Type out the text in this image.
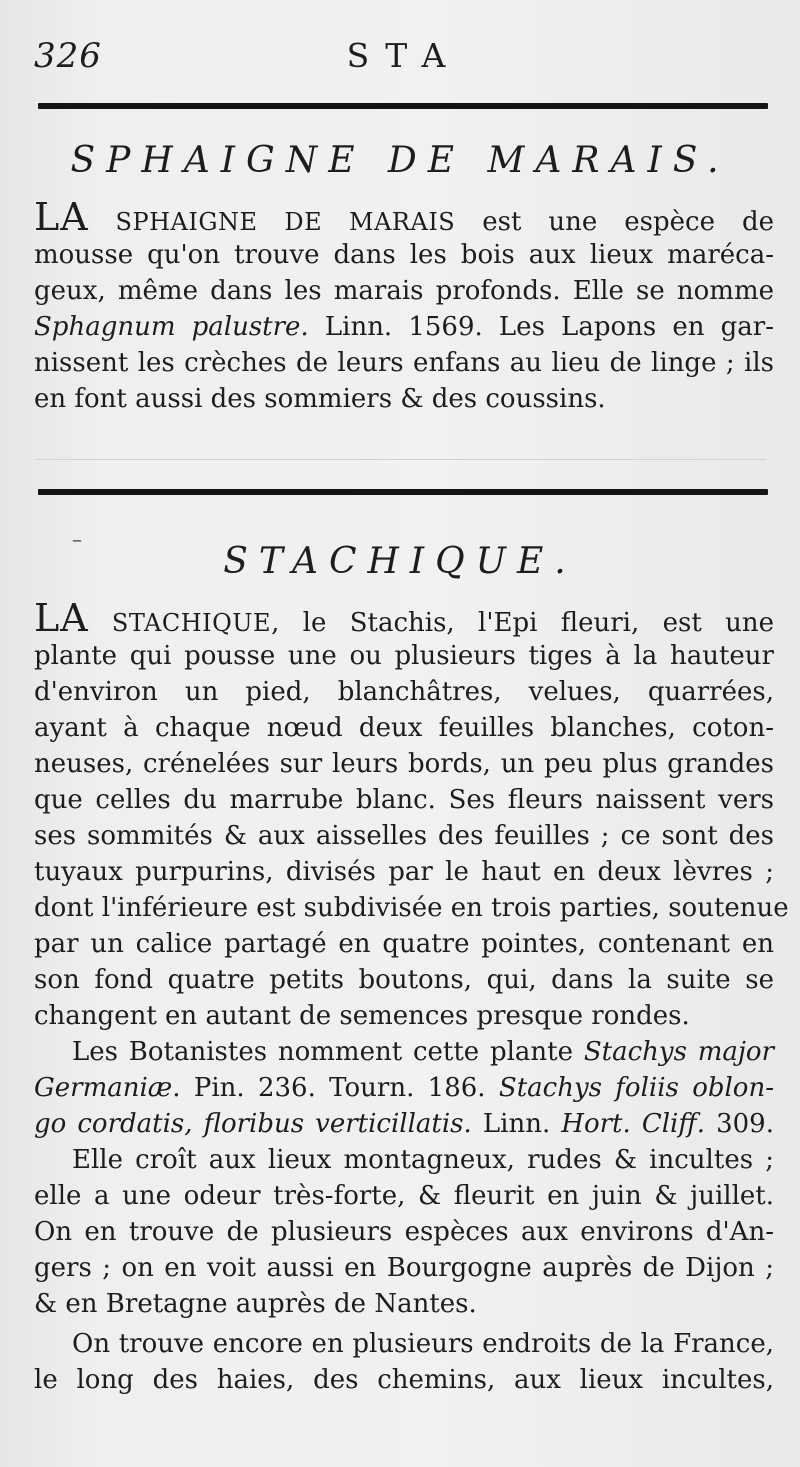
326	STA
SPHAIGNE DE MARAIS.
LA SPHAIGNE DE MARAIS est une espèce de
mousse qu'on trouve dans les bois aux lieux maréca-
geux, même dans les marais profonds. Elle se nomme
Sphagnum palustre. Linn. 1569. Les Lapons en gar-
nissent les crèches de leurs enfans au lieu de linge ; ils
en font aussi des sommiers & des coussins.
–
STACHIQUE.
LA STACHIQUE, le Stachis, l'Epi fleuri, est une
plante qui pousse une ou plusieurs tiges à la hauteur
d'environ un pied, blanchâtres, velues, quarrées,
ayant à chaque nœud deux feuilles blanches, coton-
neuses, crénelées sur leurs bords, un peu plus grandes
que celles du marrube blanc. Ses fleurs naissent vers
ses sommités & aux aisselles des feuilles ; ce sont des
tuyaux purpurins, divisés par le haut en deux lèvres ;
dont l'inférieure est subdivisée en trois parties, soutenue
par un calice partagé en quatre pointes, contenant en
son fond quatre petits boutons, qui, dans la suite se
changent en autant de semences presque rondes.
Les Botanistes nomment cette plante Stachys major
Germaniæ. Pin. 236. Tourn. 186. Stachys foliis oblon-
go cordatis, floribus verticillatis. Linn. Hort. Cliff. 309.
Elle croît aux lieux montagneux, rudes & incultes ;
elle a une odeur très-forte, & fleurit en juin & juillet.
On en trouve de plusieurs espèces aux environs d'An-
gers ; on en voit aussi en Bourgogne auprès de Dijon ;
& en Bretagne auprès de Nantes.
On trouve encore en plusieurs endroits de la France,
le long des haies, des chemins, aux lieux incultes,
